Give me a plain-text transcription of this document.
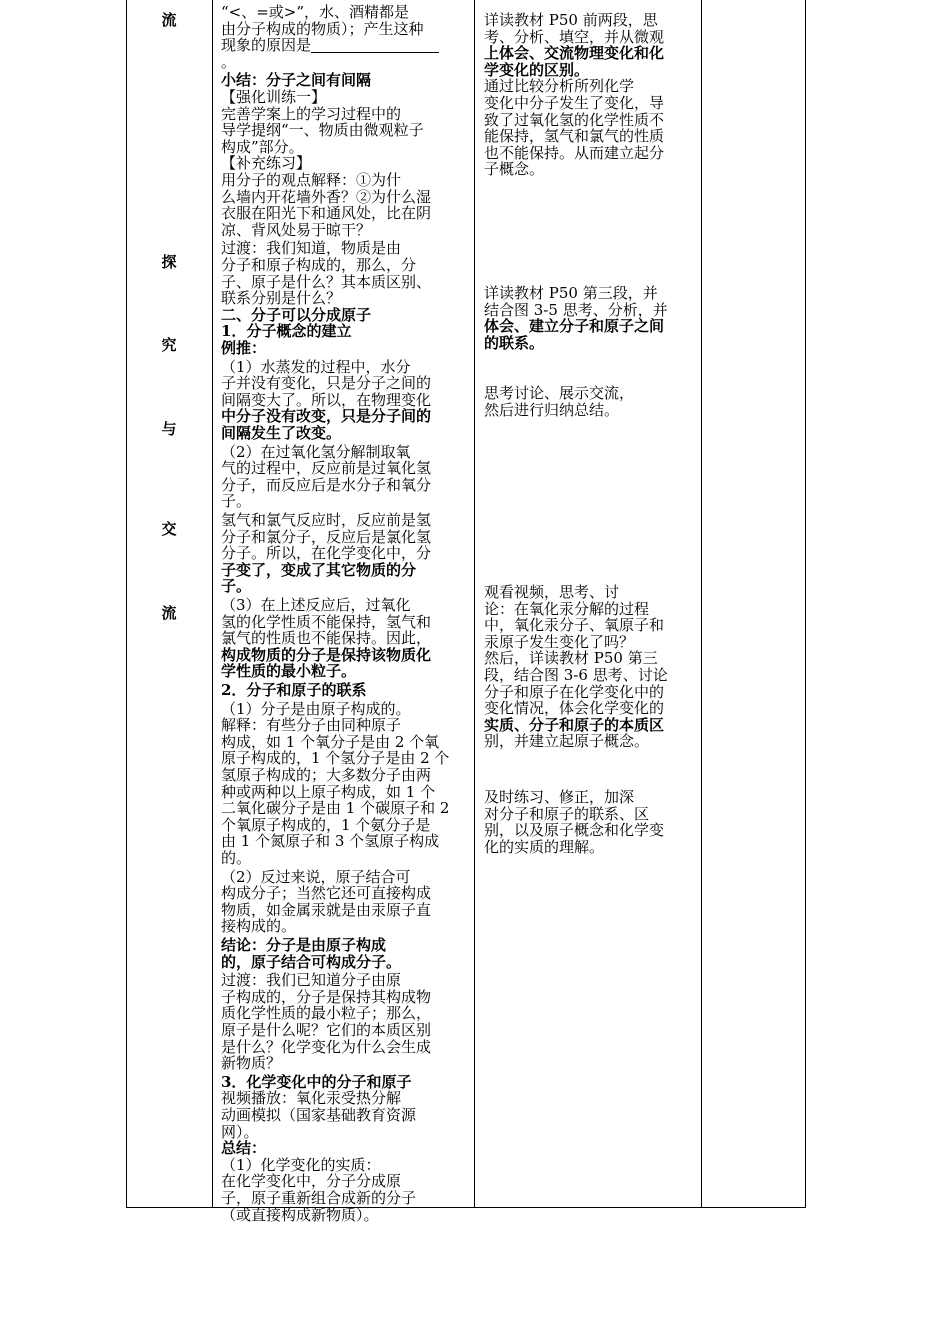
流
探
究
与
交
流
“<、=或>”，水、酒精都是
由分子构成的物质）；产生这种
现象的原因是
。
小结：分子之间有间隔
【强化训练一】
完善学案上的学习过程中的
导学提纲“一、物质由微观粒子
构成”部分。
【补充练习】
用分子的观点解释：①为什
么墙内开花墙外香？②为什么湿
衣服在阳光下和通风处，比在阴
凉、背风处易于晾干？
过渡：我们知道，物质是由
分子和原子构成的，那么，分
子、原子是什么？其本质区别、
联系分别是什么？
二、分子可以分成原子
1．分子概念的建立
例推：
（1）水蒸发的过程中，水分
子并没有变化，只是分子之间的
间隔变大了。所以，在物理变化
中分子没有改变，只是分子间的
间隔发生了改变。
（2）在过氧化氢分解制取氧
气的过程中，反应前是过氧化氢
分子，而反应后是水分子和氧分
子。
氢气和氯气反应时，反应前是氢
分子和氯分子，反应后是氯化氢
分子。所以，在化学变化中，分
子变了，变成了其它物质的分
子。
（3）在上述反应后，过氧化
氢的化学性质不能保持，氢气和
氯气的性质也不能保持。因此，
构成物质的分子是保持该物质化
学性质的最小粒子。
2．分子和原子的联系
（1）分子是由原子构成的。
解释：有些分子由同种原子
构成，如 1 个氧分子是由 2 个氧
原子构成的，1 个氢分子是由 2 个
氢原子构成的；大多数分子由两
种或两种以上原子构成，如 1 个
二氧化碳分子是由 1 个碳原子和 2
个氧原子构成的，1 个氨分子是
由 1 个氮原子和 3 个氢原子构成
的。
（2）反过来说，原子结合可
构成分子；当然它还可直接构成
物质，如金属汞就是由汞原子直
接构成的。
结论：分子是由原子构成
的，原子结合可构成分子。
过渡：我们已知道分子由原
子构成的，分子是保持其构成物
质化学性质的最小粒子；那么，
原子是什么呢？它们的本质区别
是什么？化学变化为什么会生成
新物质？
3．化学变化中的分子和原子
视频播放：氧化汞受热分解
动画模拟（国家基础教育资源
网）。
总结：
（1）化学变化的实质：
在化学变化中，分子分成原
子，原子重新组合成新的分子
（或直接构成新物质）。
详读教材 P50 前两段，思
考、分析、填空，并从微观
上体会、交流物理变化和化
学变化的区别。
通过比较分析所列化学
变化中分子发生了变化，导
致了过氧化氢的化学性质不
能保持，氢气和氯气的性质
也不能保持。从而建立起分
子概念。
详读教材 P50 第三段，并
结合图 3-5 思考、分析，并
体会、建立分子和原子之间
的联系。
思考讨论、展示交流，
然后进行归纳总结。
观看视频，思考、讨
论：在氧化汞分解的过程
中，氧化汞分子、氧原子和
汞原子发生变化了吗？
然后，详读教材 P50 第三
段，结合图 3-6 思考、讨论
分子和原子在化学变化中的
变化情况，体会化学变化的
实质、分子和原子的本质区
别，并建立起原子概念。
及时练习、修正，加深
对分子和原子的联系、区
别，以及原子概念和化学变
化的实质的理解。
